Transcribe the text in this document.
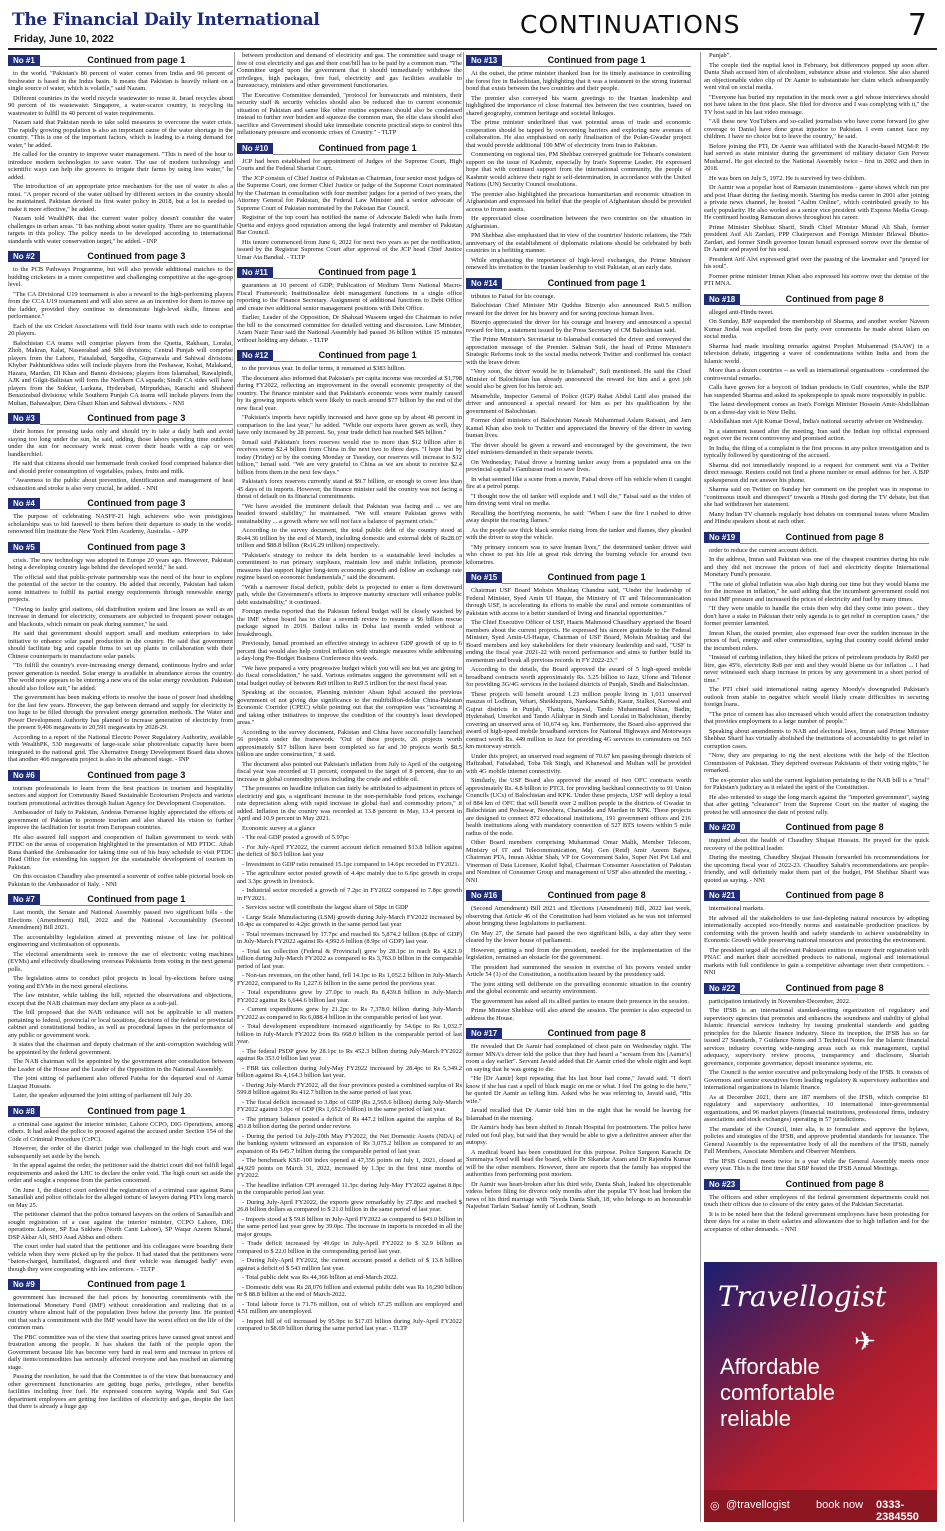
The Financial Daily International
Friday, June 10, 2022
CONTINUATIONS	7
No #1	Continued from page 1

to the world. "Pakistan's 80 percent of water comes from India and 96 percent of freshwater is based in the Indus basin. It means that Pakistan is heavily reliant on a single source of water, which is volatile," said Nazam.

Different countries in the world recycle wastewater to reuse it. Israel recycles about 90 percent of its wastewater. Singapore, a water-scarce country, is recycling its wastewater to fulfill its 40 percent of water requirements.

Nazam said that Pakistan needs to take solid measures to overcome the water crisis. The rapidly growing population is also an important cause of the water shortage in the country. "This is one of the important factors, which is leading to a rising demand for water," he added.

He called for the country to improve water management. "This is need of the hour to introduce modern technologies to save water. The use of modern technology and scientific ways can help the growers to irrigate their farms by using less water," he added.

The introduction of an appropriate price mechanism for the use of water is also a must. "A proper record of the water utilised by different sectors in the country should be maintained. Pakistan devised its first water policy in 2018, but a lot is needed to make it more effective," he added.

Nazam told WealthPK that the current water policy doesn't consider the water challenges in urban areas. "It has nothing about water quality. There are no quantifiable targets in this policy. The policy needs to be developed according to international standards with water conservation target," he added. - INP

No #2	Continued from page 3

to the PCB Pathways Programme, but will also provide additional matches to the budding cricketers in a more competitive and challenging competitive at the age-group level.

"The CA Divisional U19 tournament is also a reward to the high-performing players from the CCA U19 tournament and will also serve as an incentive for them to move up the ladder, provided they continue to demonstrate high-level skills, fitness and performance."

Each of the six Cricket Associations will field four teams with each side to comprise 20 players.

Balochistan CA teams will comprise players from the Quetta, Rakhsan, Loralai, Zhob, Makran, Kalat, Naseerabad and Sibi divisions; Central Punjab will comprise players from the Lahore, Faisalabad, Sargodha, Gujranwala and Sahiwal divisions; Khyber Pakhtunkhwa sides will include players from the Peshawar, Kohat, Malakand, Hazara, Mardan, DI Khan and Bannu divisions; players from Islamabad, Rawalpindi, AJK and Gilgit-Baltistan will form the Northern CA squads; Sindh CA sides will have players from the Sukkur, Larkana, Hyderabad, Mirpurkhas, Karachi and Shaheed Benazirabad divisions; while Southern Punjab CA teams will include players from the Multan, Bahawalpur, Dera Ghazi Khan and Sahiwal divisions. - NNI

No #3	Continued from page 3

their homes for pressing tasks only and should try to take a daily bath and avoid staying too long under the sun, he said, adding, those labors spending time outdoors under the sun for necessary work must cover their heads with a cap or wet handkerchief.

He said that citizens should use homemade fresh cooked food comprised balance diet and should prefer consumption of vegetables, pulses, fruits and milk.

"Awareness to the public about prevention, identification and management of heat exhaustion and stroke is also very crucial, he added. - NNI

No #4	Continued from page 3

The purpose of celebrating NASFF-21 high achievers who won prestigious scholarships was to bid farewell to them before their departure to study in the world-renowned film institute the New York Film Academy, Australia. - APP

No #5	Continued from page 3

crisis. The new technology was adopted in Europe 20 years ago. However, Pakistan being a developing country lags behind the developed world," he said.

The official said that public-private partnership was the need of the hour to explore the potential of the sector in the country. He added that recently, Pakistan had taken some initiatives to fulfill its partial energy requirements through renewable energy projects.

"Owing to faulty grid stations, old distribution system and line losses as well as an increase in demand for electricity, consumers are subjected to frequent power outages and blackouts, which remain on peak during summer," he said.

He said that government should support small and medium enterprises to take initiative to enhance solar panel production in the country. He said that government should facilitate big and capable firms to set up plants in collaboration with their Chinese counterparts to manufacture solar panels.

"To fulfill the country's ever-increasing energy demand, continuous hydro and solar power generation is needed. Solar energy is available in abundance across the country. The world now appears to be entering a new era of the solar energy revolution. Pakistan should also follow suit," he added.

The government has been making efforts to resolve the issue of power load shedding for the last few years. However, the gap between demand and supply for electricity is too huge to be filled through the prevalent energy generation methods. The Water and Power Development Authority has planned to increase generation of electricity from the present 9,406 megawatts to 20,591 megawatts by 2028-29.

According to a report of the National Electric Power Regulatory Authority, available with WealthPK, 530 megawatts of large-scale solar photovoltaic capacity have been integrated to the national grid. The Alternative Energy Development Board data shows that another 466 megawatts project is also in the advanced stage. - INP

No #6	Continued from page 3

tourism professionals to learn from the best practices in tourism and hospitality sectors and support for Community Based Sustainable Ecotourism Projects and various tourism promotional activities through Italian Agency for Development Cooperation.

Ambassador of Italy to Pakistan, Andreas Ferrarese highly appreciated the efforts of government of Pakistan to promote tourism and also shared his vision to further improve the facilitation for tourist from European countries.

He also assured full support and cooperation of Italian government to work with PTDC on the areas of cooperation highlighted in the presentation of MD PTDC. Aftab Rana thanked the Ambassador for taking time out of his busy schedule to visit PTDC Head Office for extending his support for the sustainable development of tourism in Pakistan.

On this occasion Chaudhry also presented a souvenir of coffee table pictorial book on Pakistan to the Ambassador of Italy. - NNI

No #7	Continued from page 1

Last month, the Senate and National Assembly passed two significant bills - the Elections (Amendment) Bill, 2022 and the National Accountability (Second Amendment) Bill 2021.

The accountability legislation aimed at preventing misuse of law for political engineering and victimisation of opponents.

The electoral amendments seek to remove the use of electronic voting machines (EVMs) and effectively disallowing overseas Pakistanis from voting in the next general polls.

The legislation aims to conduct pilot projects in local by-elections before using voting and EVMs in the next general elections.

The law minister, while tabling the bill, rejected the observations and objections, except that the NAB chairman may declare any place as a sub-jail.

The bill proposed that the NAB ordinance will not be applicable to all matters pertaining to federal, provincial or local taxations, decisions of the federal or provincial cabinet and constitutional bodies, as well as procedural lapses in the performance of any public or government work.

It states that the chairman and deputy chairman of the anti-corruption watchdog will be appointed by the federal government.

The NAB chairman will be appointed by the government after consultation between the Leader of the House and the Leader of the Opposition in the National Assembly.

The joint sitting of parliament also offered Fateha for the departed soul of Aamir Liaquat Hussain.

Later, the speaker adjourned the joint sitting of parliament till July 20.

No #8	Continued from page 1

a criminal case against the interior minister, Lahore CCPO, DIG Operations, among others. It had asked the police to proceed against the accused under Section 154 of the Code of Criminal Procedure (CrPC).

However, the order of the district judge was challenged in the high court and was subsequently set aside by the bench.

In the appeal against the order, the petitioner said the district court did not fulfill legal requirements and asked the LHC to declare the order void. The high court set aside the order and sought a response from the parties concerned.

On June 1, the district court ordered the registration of a criminal case against Rana Sanaullah and police officials for the alleged torture of lawyers during PTI's long march on May 25.

The petitioner claimed that the police tortured lawyers on the orders of Sanaullah and sought registration of a case against the interior minister, CCPO Lahore, DIG operations Lahore, SP Esa Sukhera (North Cantt Lahore), SP Waqar Azeem Kharal, DSP Akbar Ali, SHO Asad Abbas and others.

The court order had stated that the petitioner and his colleagues were boarding their vehicle when they were picked up by the police. It had stated that the petitioners were "baton-charged, humiliated, disgraced and their vehicle was damaged badly" even though they were cooperating with law enforcers. - TLTP

No #9	Continued from page 1

government has increased the fuel prices by honouring commitments with the International Monetary Fund (IMF) without consideration and realizing that in a country where almost half of the population lives below the poverty line. He pointed out that such a commitment with the IMF would have the worst effect on the life of the common man.

The PBC committee was of the view that soaring prices have caused great unrest and frustration among the people. It has shaken the faith of the people upon the Government because life has become very hard in real term and increase in prices of daily items/commodities has seriously affected everyone and has reached an alarming stage.

Passing the resolution, he said that the Committee is of the view that bureaucracy and other government functionaries are getting huge perks, privileges, other benefits facilities including free fuel. He expressed concern saying Wapda and Sui Gas department employees are getting free facilities of electricity and gas, despite the fact that there is already a huge gap

between production and demand of electricity and gas. The committee said usage of free of cost electricity and gas and their cost/bill has to be paid by a common man. "The Committee urged upon the government that it should immediately withdraw the privileges, high packages, free fuel, electricity and gas facilities available to bureaucracy, ministers and other government functionaries.

The Executive Committee demanded, "protocol for bureaucrats and ministers, their security staff & security vehicles should also be reduced due to current economic situation of Pakistan and same like other routine expenses should also be condensed instead to further over burden and squeeze the common man, the elite class should also sacrifice and Government should take immediate concrete practical steps to control this inflationary pressure and economic crises of Country." - TLTP

No #10	Continued from page 1

JCP had been established for appointment of Judges of the Supreme Court, High Courts and the Federal Shariat Court.

The JCP consists of Chief Justice of Pakistan as Chairman, four senior most judges of the Supreme Court, one former Chief Justice or judge of the Supreme Court nominated by the Chairman in consultation with four member judges for a period of two years, the Attorney General for Pakistan, the Federal Law Minister and a senior advocate of Supreme Court of Pakistan nominated by the Pakistan Bar Council.

Registrar of the top court has notified the name of Advocate Baledi who hails from Quetta and enjoys good reputation among the legal fraternity and member of Pakistan Bar Council.

His tenure commenced from June 6, 2022 for next two years as per the notification, issued by the Registrar Supreme Court after approval of the JCP head Chief Justice Umar Ata Bandial. - TLTP

No #11	Continued from page 1

guarantees at 10 percent of GDP; Publication of Medium Term National Macro-Fiscal Framework; Institutionalize debt management functions in a single office reporting to the Finance Secretary. Assignment of additional functions to Debt Office and create two additional senior management positions with Debt Office.

Earlier, Leader of the Opposition, Dr Shahzad Waseem urged the Chairman to refer the bill to the concerned committee for detailed vetting and discussion. Law Minister, Azam Nazir Tarar said the National Assembly had passed 36 billion within 15 minutes without holding any debate. - TLTP

No #12	Continued from page 1

to the previous year. In dollar terms, it remained at $383 billion.

The document also informed that Pakistan's per capita income was recorded at $1,798 during FY2022, reflecting an improvement in the overall economic prosperity of the country. The finance minister said that Pakistan's economic woes were mainly caused by its growing imports which were likely to reach around $77 billion by the end of the new fiscal year.

"Pakistan's imports have rapidly increased and have gone up by about 48 percent in comparison to the last year," he added. "While our exports have grown as well, they have only increased by 28 percent. So, your trade deficit has reached $45 billion."

Ismail said Pakistan's forex reserves would rise to more than $12 billion after it receives some $2.4 billion from China in the next two to three days. "I hope that by today (Friday) or by the coming Monday or Tuesday, our reserves will increase to $12 billion," Ismail said. "We are very grateful to China as we are about to receive $2.4 billion from them in the next few days."

Pakistan's forex reserves currently stand at $9.7 billion, or enough to cover less than 45 days of its imports. However, the finance minister said the country was not facing a threat of default on its financial commitments.

"We have avoided the imminent default that Pakistan was facing and ... we are headed toward stability," he maintained. "We will ensure Pakistan grows with sustainability ... a growth where we will not face a balance of payment crisis."

According to the survey document, the total public debt of the country stood at Rs44.36 trillion by the end of March, including domestic and external debt of Rs28.07 trillion and $88.8 billion (Rs16.29 trillion) respectively.

"Pakistan's strategy to reduce its debt burden to a sustainable level includes a commitment to run primary surpluses, maintain low and stable inflation, promote measures that support higher long-term economic growth and follow an exchange rate regime based on economic fundamentals," said the document.

"With a narrower fiscal deficit, public debt is projected to enter a firm downward path, while the Government's efforts to improve maturity structure will enhance public debt sustainability," it continued.

Foreign media reported that the Pakistan federal budget will be closely watched by the IMF whose board has to clear a seventh review to resume a $6 billion rescue package signed in 2019. Bailout talks in Doha last month ended without a breakthrough.

Previously, Ismail promised an effective strategy to achieve GDP growth of up to 6 percent that would also help control inflation with strategic measures while addressing a day-long Pre-Budget Business Conference this week.

"We have prepared a very progressive budget which you will see but we are going to do fiscal consolidation," he said. Various estimates suggest the government will set a total budget outlay of between Rs9 trillion to Rs9.5 trillion for the next fiscal year.

Speaking at the occasion, Planning minister Ahsan Iqbal accused the previous government of not giving due significance to the multibillion-dollar China-Pakistan Economic Corridor (CPEC) while pointing out that the corruption was "screaming it and taking other initiatives to improve the condition of the country's least developed areas."

According to the survey document, Pakistan and China have successfully launched 56 projects under the framework. "Out of these projects, 26 projects worth approximately $17 billion have been completed so far and 30 projects worth $8.5 billion are under construction," it said.

The document also pointed out Pakistan's inflation from July to April of the outgoing fiscal year was recorded at 11 percent, compared to the target of 8 percent, due to an increase in global commodity prices including the crude and edible oil.

"The pressures on headline inflation can fairly be attributed to adjustment in prices of electricity and gas, a significant increase in the non-perishable food prices, exchange rate depreciation along with rapid increase in global fuel and commodity prices," it added. Inflation in the country was recorded at 13.8 percent in May, 13.4 percent in April and 10.9 percent in May 2021.

Economic survey at a glance

- The real GDP posted a growth of 5.97pc

- For July-April FY2022, the current account deficit remained $13.8 billion against the deficit of $0.5 billion last year

- Investment to GDP ratio remained 15.1pc compared to 14.6pc recorded in FY2021.

- The agriculture sector posted growth of 4.4pc mainly due to 6.6pc growth in crops and 3.3pc growth in livestock.

- Industrial sector recorded a growth of 7.2pc in FY2022 compared to 7.8pc growth in FY2021.

- Services sector will contribute the largest share of 58pc in GDP

- Large Scale Manufacturing (LSM) growth during July-March FY2022 increased by 10.4pc as compared to 4.2pc growth in the same period last year

- Total revenues increased by 17.7pc and reached Rs 5,874.2 billion (8.8pc of GDP) in July-March FY2022 against Rs 4,992.6 billion (8.9pc of GDP) last year.

- Total tax collection (Federal & Provincial) grew by 28.1pc to reach Rs 4,821.9 billion during July-March FY2022 as compared to Rs 3,763.0 billion in the comparable period of last year.

- Non-tax revenues, on the other hand, fell 14.1pc to Rs 1,052.2 billion in July-March FY2022, compared to Rs 1,227.6 billion in the same period the previous year.

- Total expenditures grew by 27.0pc to reach Rs 8,439.8 billion in July-March FY2022 against Rs 6,644.6 billion last year.

- Current expenditures grew by 21.2pc to Rs 7,378.0 billion during July-March FY2022 as compared to Rs 6,088.4 billion in the comparable period of last year.

- Total development expenditure increased significantly by 54.6pc to Rs 1,032.7 billion in July-March FY2022 from Rs 668.0 billion in the comparable period of last year.

- The federal PSDP grew by 28.1pc to Rs 452.3 billion during July-March FY2022 against Rs 353.0 billion last year.

- FBR tax collection during July-May FY2022 increased by 28.4pc to Rs 5,349.2 billion against Rs 4,164.3 billion last year.

- During July-March FY2022, all the four provinces posted a combined surplus of Rs 599.8 billion against Rs 412.7 billion in the same period of last year.

- The fiscal deficit increased to 3.8pc of GDP (Rs 2,565.6 billion) during July-March FY2022 against 3.0pc of GDP (Rs 1,652.0 billion) in the same period of last year.

- The primary balance posted a deficit of Rs 447.2 billion against the surplus of Rs 451.8 billion during the period under review.

- During the period 1st July-20th May FY2022, the Net Domestic Assets (NDA) of the banking system witnessed an expansion of Rs 3,075.2 billion as compared to an expansion of Rs 645.7 billion during the comparable period of last year.

- The benchmark KSE-100 index opened at 47,356 points on July 1, 2021, closed at 44,929 points on March 31, 2022, increased by 1.3pc in the first nine months of FY2022.

- The headline inflation CPI averaged 11.3pc during July-May FY2022 against 8.8pc in the comparable period last year.

- During July-April FY2022, the exports grew remarkably by 27.8pc and reached $ 26.8 billion dollars as compared to $ 21.0 billion in the same period of last year.

- Imports stood at $ 59.8 billion in July-April FY2022 as compared to $43.0 billion in the same period last year grew by 39.0pc. The increase in imports is recorded in all the major groups.

- Trade deficit increased by 49.6pc in July-April FY2022 to $ 32.9 billion as compared to $ 22.0 billion in the corresponding period last year.

- During July-April FY2022, the current account posted a deficit of $ 13.8 billion against a deficit of $ 543 million last year.

- Total public debt was Rs 44,366 billion at end-March 2022.

- Domestic debt was Rs 28,076 billion and external public debt was Rs 16,290 billion or $ 88.8 billion at the end of March-2022.

- Total labour force is 71.76 million, out of which 67.25 million are employed and 4.51 million are unemployed.

- Import bill of oil increased by 95.9pc to $17.03 billion during July-April FY2022 compared to $8.69 billion during the same period last year. - TLTP

No #13	Continued from page 1

At the outset, the prime minister thanked Iran for its timely assistance in controlling the forest fire in Balochistan, highlighting that it was a testament to the strong fraternal bond that exists between the two countries and their people.

The premier also conveyed his warm greetings to the Iranian leadership and highlighted the importance of close fraternal ties between the two countries, based on shared geography, common heritage and societal linkages.

The prime minister underlined that vast potential areas of trade and economic cooperation should be tapped by overcoming barriers and exploring new avenues of collaboration. He also emphasised on early finalisation of the Polan-Gwadar project that would provide additional 100 MW of electricity from Iran to Pakistan.

Commenting on regional ties, PM Shehbaz conveyed gratitude for Tehran's consistent support on the issue of Kashmir, especially by Iran's Supreme Leader. He expressed hope that with continued support from the international community, the people of Kashmir would achieve their right to self-determination, in accordance with the United Nations (UN) Security Council resolutions.

The premier also highlighted the precarious humanitarian and economic situation in Afghanistan and expressed his belief that the people of Afghanistan should be provided access to frozen assets.

He appreciated close coordination between the two countries on the situation in Afghanistan.

PM Shehbaz also emphasised that in view of the countries' historic relations, the 75th anniversary of the establishment of diplomatic relations should be celebrated by both countries in a befitting manner.

While emphasising the importance of high-level exchanges, the Prime Minister renewed his invitation to the Iranian leadership to visit Pakistan, at an early date.

No #14	Continued from page 1

tributes to Faisal for his courage.

Balochistan Chief Minister Mir Quddus Bizenjo also announced Rs0.5 million reward for the driver for his bravery and for saving precious human lives.

Bizenjo appreciated the driver for his courage and bravery and announced a special reward for him, a statement issued by the Press Secretary of CM Balochistan said.

The Prime Minister's Secretariat in Islamabad contacted the driver and conveyed the appreciation message of the Premier. Salman Sufi, the head of Prime Minister's Strategic Reforms took to the social media network Twitter and confirmed his contact with the brave driver.

"Very soon, the driver would be in Islamabad", Sufi mentioned. He said the Chief Minister of Balochistan has already announced the reward for him and a govt job would also be given for his heroic act.

Meanwhile, Inspector General of Police (IGP) Rahat Abdul Latif also praised the driver and announced a special reward for him as per his qualification by the government of Balochistan.

Former chief ministers of Balochistan Nawab Muhammad Aslam Raisani, and Jam Kamal Khan also took to Twitter and appreciated the bravery of the driver in saving human lives.

The driver should be given a reward and encouraged by the government, the two chief ministers demanded in their separate tweets.

On Wednesday, Faisal drove a burning tanker away from a populated area on the provincial capital's Gambaran road to save lives.

In what seemed like a scene from a movie, Faisal drove off his vehicle when it caught fire at a petrol pump.

"I thought now the oil tanker will explode and I will die," Faisal said as the video of him driving went viral on media.

Recalling the horrifying moments, he said: "When I saw the fire I rushed to drive away despite the roaring flames."

As the people saw thick black smoke rising from the tanker and flames, they pleaded with the driver to stop the vehicle.

"My primary concern was to save human lives," the determined tanker driver said who chose to put his life at great risk driving the burning vehicle for around two kilometres.

No #15	Continued from page 1

Chairman USF Board Mohsin Mushtaq Chandna said, "Under the leadership of Federal Minister, Syed Amin Ul Haque, the Ministry of IT and Telecommunication through USF, is accelerating its efforts to enable the rural and remote communities of Pakistan with access to a better standard of living and financial opportunities."

The Chief Executive Officer of USF, Haaris Mahmood Chaudhary apprised the Board members about the current projects. He expressed his sincere gratitude to the Federal Minister, Syed Amin-Ul-Haque, Chairman of USF Board, Mohsin Mushtaq and the Board members and key stakeholders for their visionary leadership and said, "USF is ending the fiscal year 2021-22 with record performance and aims to further build its momentum and break all previous records in FY 2022-23."

According to the details, the Board approved the award of 5 high-speed mobile broadband contracts worth approximately Rs. 3.25 billion to Jazz, Ufone and Telenor for providing 3G/4G services in the isolated districts of Punjab, Sindh and Balochistan.

These projects will benefit around 1.23 million people living in 1,011 unserved mauzas of Lodhran, Vehari, Sheikhupura, Nankana Sahib, Kasur, Sialkot, Narowal and Gujrat districts in Punjab, Thatta, Sujawal, Tando Muhammad Khan, Badin, Hyderabad, Umerkot and Tando Allahyar in Sindh and Loralai in Balochistan, thereby covering an unserved area of 10,674 sq. km. Furthermore, the Board also approved the award of high-speed mobile broadband services for National Highways and Motorways contract worth Rs. 449 million to Jazz for providing 4G services to commuters on 565 km motorway stretch.

Under this project, an unserved road segment of 70.67 km passing through districts of Hafizabad, Faisalabad, Toba Tek Singh, and Khanewal and Multan will be provided with 4G mobile internet connectivity.

Similarly, the USF Board also approved the award of two OFC contracts worth approximately Rs. 4.8 billion to PTCL for providing backhaul connectivity to 91 Union Councils (UCs) of Balochistan and KPK. Under these projects, USF will deploy a total of 884 km of OFC that will benefit over 2 million people in the districts of Gwadar in Balochistan and Peshawar, Nowshera, Charsadda and Mardan in KPK. These projects are designed to connect 872 educational institutions, 191 government offices and 216 health institutions along with mandatory connection of 527 BTS towers within 5 mile radius of the node.

Other Board members comprising Muhammad Omar Malik, Member Telecom, Ministry of IT and Telecommunication, Maj. Gen (Retd) Amir Azeem Bajwa, Chairman PTA, Imran Akhtar Shah, VP for Government Sales, Super Net Pvt Ltd and Vinerman of Data Licensee, Kashif Iqbal, Chairman Consumer Association of Pakistan and Nominee of Consumer Group and management of USF also attended the meeting. - NNI

No #16	Continued from page 8

(Second Amendment) Bill 2021 and Elections (Amendment) Bill, 2022 last week, observing that Article 46 of the Constitution had been violated as he was not informed about bringing these legislations to parliament.

On May 27, the Senate had passed the two significant bills, a day after they were cleared by the lower house of parliament.

However, getting a nod from the president, needed for the implementation of the legislation, remained an obstacle for the government.

The president had summoned the session in exercise of his powers vested under Article 54 (1) of the Constitution, a notification issued by the presidency said.

The joint sitting will deliberate on the prevailing economic situation in the country and the global economic and security environment.

The government has asked all its allied parties to ensure their presence in the session.

Prime Minister Shehbaz will also attend the session. The premier is also expected to address the House.

No #17	Continued from page 8

He revealed that Dr Aamir had complained of chest pain on Wednesday night. The former MNA's driver told the police that they had heard a "scream from his [Aamir's] room a day earlier". Servant Javaid added that Dr Aamir cried the whole night and kept on saying that he was going to die.

"He [Dr Aamir] kept repeating that his last hour had come," Javaid said. "I don't know if she has cast a spell of black magic on me or what. I feel I'm going to die here," he quoted Dr Aamir as telling him. Asked who he was referring to, Javaid said, "His wife."

Javaid recalled that Dr Aamir told him in the night that he would be leaving for Islamabad in the morning.

Dr Aamir's body has been shifted to Jinnah Hospital for postmortem. The police have ruled out foul play, but said that they would be able to give a definitive answer after the autopsy.

A medical board has been constituted for this purpose. Police Surgeon Karachi Dr Summaiya Syed will head the board, while Dr Sikandar Azam and Dr Rajendra Kumar will be the other members. However, there are reports that the family has stopped the authorities from performing post mortem.

Dr Aamir was heart-broken after his third wife, Dania Shah, leaked his objectionable videos before filing for divorce only months after the popular TV host had broken the news of his third marriage with "Syeda Dania Shah, 18, who belongs to an honourable Najeebut Tarfain 'Sadaat' family of Lodhran, South

Punjab".

The couple tied the nuptial knot in February, but differences popped up soon after. Dania Shah accused him of alcoholism, substance abuse and violence. She also shared an objectionable video clip of Dr Aamir to substantiate her claim which subsequently went viral on social media.

"Everyone has buried my reputation in the muck over a girl whose interviews should not have taken in the first place. She filed for divorce and I was complying with it," the TV host said in his last video message.

"All these new YouTubers and so-called journalists who have come forward [to give coverage to Dania] have done great injustice to Pakistan. I even cannot face my children. I have no choice but to leave the country," he said.

Before joining the PTI, Dr Aamir was affiliated with the Karachi-based MQM-P. He had served as state minister during the government of military dictator Gen Pervez Musharraf. He got elected to the National Assembly twice - first in 2002 and then in 2018.

He was born on July 5, 1972. He is survived by two children.

Dr Aamir was a popular host of Ramazan transmissions - game shows which run pre and post Iftaar during the fasting month. Starting his media career in 2001 after joining a private news channel, he hosted "Aalim Online", which contributed greatly to his early popularity. He also worked as a senior vice president with Express Media Group. He continued hosting Ramazan shows throughout his career.

Prime Minister Shehbaz Sharif, Sindh Chief Minister Murad Ali Shah, former president Asif Ali Zardari, PPP Chairperson and Foreign Minister Bilawal Bhutto-Zardari, and former Sindh governor Imran Ismail expressed sorrow over the demise of Dr Aamir and prayed for his soul.

President Arif Alvi expressed grief over the passing of the lawmaker and "prayed for his soul".

Former prime minister Imran Khan also expressed his sorrow over the demise of the PTI MNA.

No #18	Continued from page 8

alleged anti-Hindu tweet.

On Sunday, BJP suspended the membership of Sharma, and another worker Naveen Kumar Jindal was expelled from the party over comments he made about Islam on social media.

Sharma had made insulting remarks against Prophet Muhammad (SAAW) in a television debate, triggering a wave of condemnations within India and from the Islamic world.

More than a dozen countries -- as well as international organisations - condemned the controversial remarks.

Calls have grown for a boycott of Indian products in Gulf countries, while the BJP has suspended Sharma and asked its spokespeople to speak more responsibly in public.

The latest development comes as Iran's Foreign Minister Hossein Amir-Abdollahian is on a three-day visit to New Delhi.

Abdollahian met Ajit Kumar Doval, India's national security adviser on Wednesday.

In a statement issued after the meeting, Iran said the Indian top official expressed regret over the recent controversy and promised action.

In India, the filing of a complaint is the first process in any police investigation and is typically followed by questioning of the accused.

Sharma did not immediately respond to a request for comment sent via a Twitter direct message. Reuters could not find a phone number or email address for her. A BJP spokesperson did not answer his phone.

Sharma said on Twitter on Sunday her comment on the prophet was in response to "continuous insult and disrespect" towards a Hindu god during the TV debate, but that she had withdrawn her statement.

Many Indian TV channels regularly host debates on communal issues where Muslim and Hindu speakers shout at each other.

No #19	Continued from page 8

order to reduce the current account deficit.

In the address, Imran said Pakistan was one of the cheapest countries during his rule and they did not increase the prices of fuel and electricity despite International Monetary Fund's pressure.

"The rate of global inflation was also high during our time but they would blame me for the increase in inflation," he said adding that the incumbent government could not resist IMF pressure and increased the prices of electricity and fuel by many times.

"If they were unable to handle the crisis then why did they come into power... they don't have a stake in Pakistan their only agenda is to get relief in corruption cases," the former premier lamented.

Imran Khan, the ousted premier, also expressed fear over the sudden increase in the prices of fuel, energy and other commodities, saying that country could defend under the incumbent rulers.

"Instead of curbing inflation, they hiked the prices of petroleum products by Rs60 per litre, gas 45%, electricity Rs8 per unit and they would blame us for inflation ... I had never witnessed such sharp increase in prices by any government in a short period of time."

The PTI chief said international rating agency Moody's downgraded Pakistan's outlook from stable to negative which would likely create difficulties in securing foreign loans.

"The price of cement has also increased which would affect the construction industry that provides employment to a large number of people."

Speaking about amendments to NAB and electoral laws, Imran said Prime Minister Shehbaz Sharif has virtually abolished the institutions of accountability to get relief in corruption cases.

"Now, they are preparing to rig the next elections with the help of the Election Commission of Pakistan. They deprived overseas Pakistanis of their voting rights," he remarked.

The ex-premier also said the current legislation pertaining to the NAB bill is a "trial" for Pakistan's judiciary as it related the spirit of the Constitution.

He also reiterated to stage the long march against the "imported government", saying that after getting "clearance" from the Supreme Court on the matter of staging the protest he will announce the date of protest rally.

No #20	Continued from page 8

inquired about the health of Chaudhry Shujaat Hussain. He prayed for the quick recovery of the political leader.

During the meeting, Chaudhry Shujaat Hussain forwarded his recommendations for the upcoming fiscal year of 2022-23. Chaudhry Sahab's recommendations are people-friendly, and will definitely make them part of the budget, PM Shehbaz Sharif was quoted as saying. - NNI

No #21	Continued from page 8

international markets.

He advised all the stakeholders to use fast-depleting natural resources by adopting internationally accepted eco-friendly norms and sustainable production practices by conforming with the proven health and safety standards to achieve sustainability in Economic Growth while preserving national resources and protecting the environment.

The president urged all the relevant Pakistani entities to ensure their registration with PNAC and market their accredited products to national, regional and international markets with full confidence to gain a competitive advantage over their competitors. - NNI

No #22	Continued from page 8

participation tentatively in November-December, 2022.

The IFSB is an international standard-setting organization of regulatory and supervisory agencies that promotes and enhances the soundness and stability of global Islamic financial services industry by issuing prudential standards and guiding principles for the Islamic finance industry. Since its inception, the IFSB has so far issued 27 Standards, 7 Guidance Notes and 3 Technical Notes for the Islamic financial services industry covering wide-ranging areas such as risk management, capital adequacy, supervisory review process, transparency and disclosure, Shariah governance, corporate governance, deposit insurance systems, etc.

The Council is the senior executive and policymaking body of the IFSB. It consists of Governors and senior executives from leading regulatory & supervisory authorities and international organizations in Islamic finance.

As at December 2021, there are 187 members of the IFSB, which comprise 81 regulatory and supervisory authorities, 10 international inter-governmental organizations, and 96 market players (financial institutions, professional firms, industry associations and stock exchanges) operating in 57 jurisdictions.

The mandate of the Council, inter alia, is to formulate and approve the bylaws, policies and strategies of the IFSB, and approve prudential standards for issuance. The General Assembly is the representative body of all the members of the IFSB, namely Full Members, Associate Members and Observer Members.

The IFSB Council meets twice in a year while the General Assembly meets once every year. This is the first time that SBP hosted the IFSB Annual Meetings.

No #23	Continued from page 8

The officers and other employees of the federal government departments could not touch their offices due to closure of the entry gates of the Pakistan Secretariat.

It is to be noted here that the federal government employees have been protesting for three days for a raise in their salaries and allowances due to high inflation and for the acceptance of other demands. - NNI

Travellogist
✈
Affordable
comfortable
reliable
◎ @travellogist book now 0333-2384550
